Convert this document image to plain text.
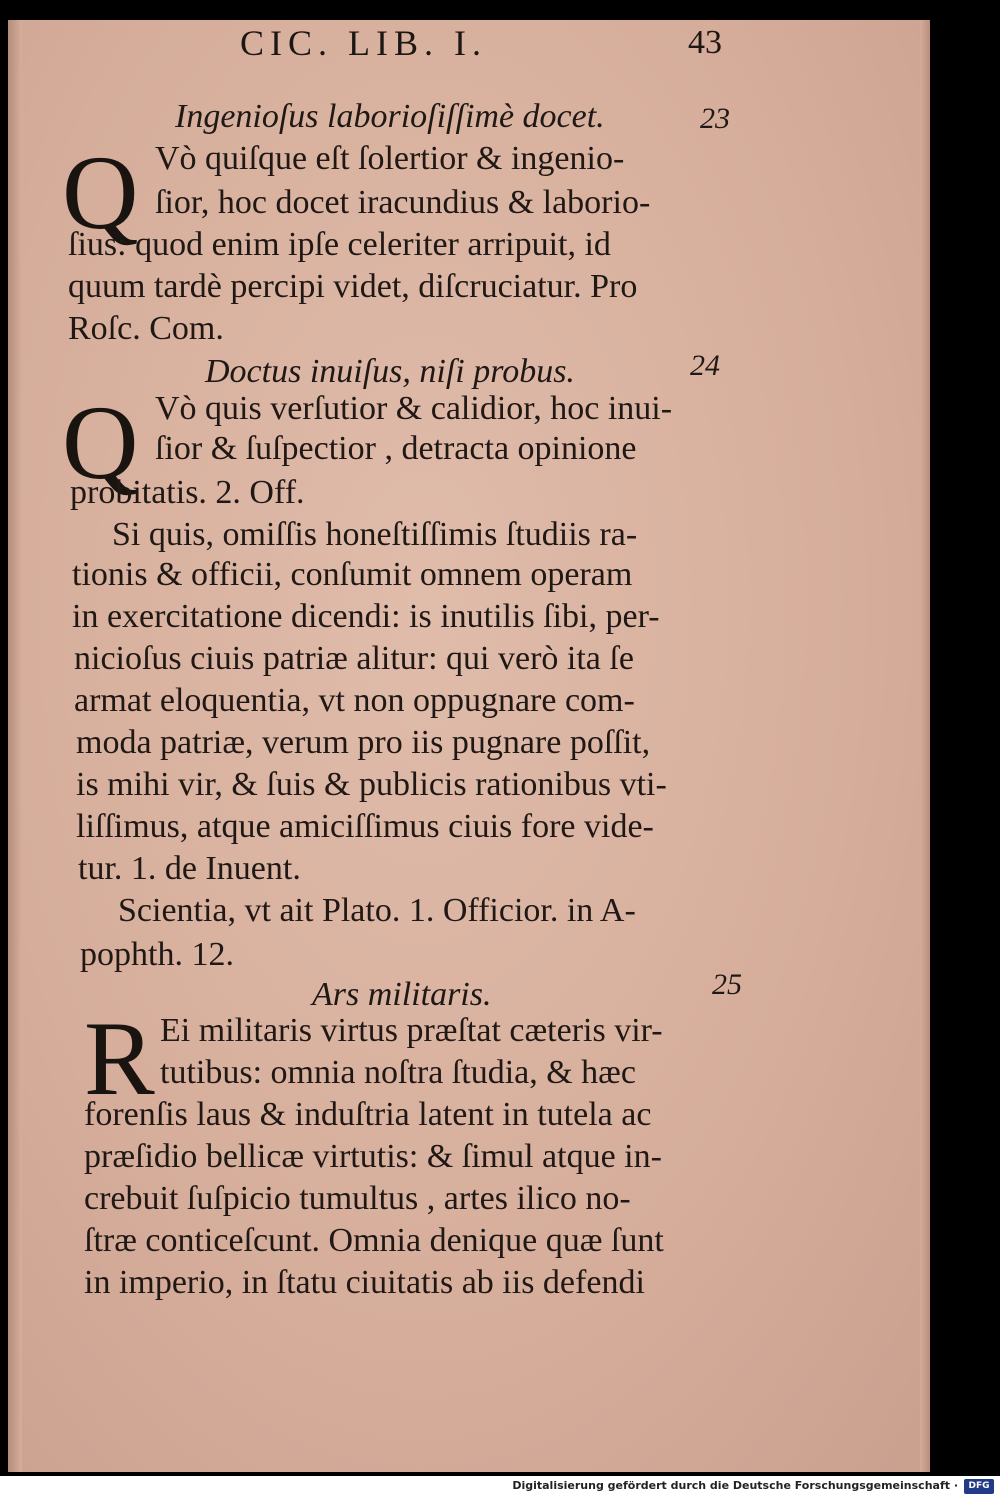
CIC. LIB. I.	43
Ingenioſus laborioſiſſimè docet.	23
Q Vò quiſque eſt ſolertior & ingenio-
ſior, hoc docet iracundius & laborio-
ſius: quod enim ipſe celeriter arripuit, id
quum tardè percipi videt, diſcruciatur. Pro
Roſc. Com.
Doctus inuiſus, niſi probus.	24
Q Vò quis verſutior & calidior, hoc inui-
ſior & ſuſpectior , detracta opinione
probitatis. 2. Off.
Si quis, omiſſis honeſtiſſimis ſtudiis ra-
tionis & officii, conſumit omnem operam
in exercitatione dicendi: is inutilis ſibi, per-
nicioſus ciuis patriæ alitur: qui verò ita ſe
armat eloquentia, vt non oppugnare com-
moda patriæ, verum pro iis pugnare poſſit,
is mihi vir, & ſuis & publicis rationibus vti-
liſſimus, atque amiciſſimus ciuis fore vide-
tur. 1. de Inuent.
Scientia, vt ait Plato. 1. Officior. in A-
pophth. 12.
Ars militaris.	25
R Ei militaris virtus præſtat cæteris vir-
tutibus: omnia noſtra ſtudia, & hæc
forenſis laus & induſtria latent in tutela ac
præſidio bellicæ virtutis: & ſimul atque in-
crebuit ſuſpicio tumultus , artes ilico no-
ſtræ conticeſcunt. Omnia denique quæ ſunt
in imperio, in ſtatu ciuitatis ab iis defendi
Digitalisierung gefördert durch die Deutsche Forschungsgemeinschaft ·	DFG
